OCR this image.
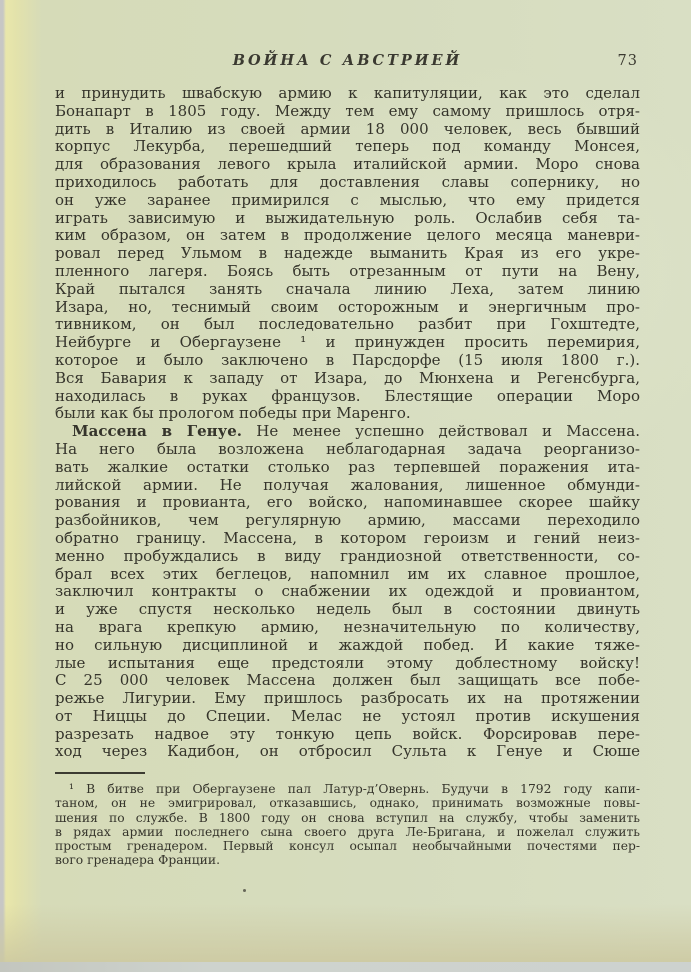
ВОЙНА С АВСТРИЕЙ	73
и принудить швабскую армию к капитуляции, как это сделал
Бонапарт в 1805 году. Между тем ему самому пришлось отря-
дить в Италию из своей армии 18 000 человек, весь бывший
корпус Лекурба, перешедший теперь под команду Монсея,
для образования левого крыла италийской армии. Моро снова
приходилось работать для доставления славы сопернику, но
он уже заранее примирился с мыслью, что ему придется
играть зависимую и выжидательную роль. Ослабив себя та-
ким образом, он затем в продолжение целого месяца маневри-
ровал перед Ульмом в надежде выманить Края из его укре-
пленного лагеря. Боясь быть отрезанным от пути на Вену,
Край пытался занять сначала линию Леха, затем линию
Изара, но, теснимый своим осторожным и энергичным про-
тивником, он был последовательно разбит при Гохштедте,
Нейбурге и Обергаузене ¹ и принужден просить перемирия,
которое и было заключено в Парсдорфе (15 июля 1800 г.).
Вся Бавария к западу от Изара, до Мюнхена и Регенсбурга,
находилась в руках французов. Блестящие операции Моро
были как бы прологом победы при Маренго.
Массена в Генуе. Не менее успешно действовал и Массена.
На него была возложена неблагодарная задача реорганизо-
вать жалкие остатки столько раз терпевшей поражения ита-
лийской армии. Не получая жалования, лишенное обмунди-
рования и провианта, его войско, напоминавшее скорее шайку
разбойников, чем регулярную армию, массами переходило
обратно границу. Массена, в котором героизм и гений неиз-
менно пробуждались в виду грандиозной ответственности, со-
брал всех этих беглецов, напомнил им их славное прошлое,
заключил контракты о снабжении их одеждой и провиантом,
и уже спустя несколько недель был в состоянии двинуть
на врага крепкую армию, незначительную по количеству,
но сильную дисциплиной и жаждой побед. И какие тяже-
лые испытания еще предстояли этому доблестному войску!
С 25 000 человек Массена должен был защищать все побе-
режье Лигурии. Ему пришлось разбросать их на протяжении
от Ниццы до Специи. Мелас не устоял против искушения
разрезать надвое эту тонкую цепь войск. Форсировав пере-
ход через Кадибон, он отбросил Сульта к Генуе и Сюше
¹ В битве при Обергаузене пал Латур-д’Овернь. Будучи в 1792 году капи-
таном, он не эмигрировал, отказавшись, однако, принимать возможные повы-
шения по службе. В 1800 году он снова вступил на службу, чтобы заменить
в рядах армии последнего сына своего друга Ле-Бригана, и пожелал служить
простым гренадером. Первый консул осыпал необычайными почестями пер-
вого гренадера Франции.
